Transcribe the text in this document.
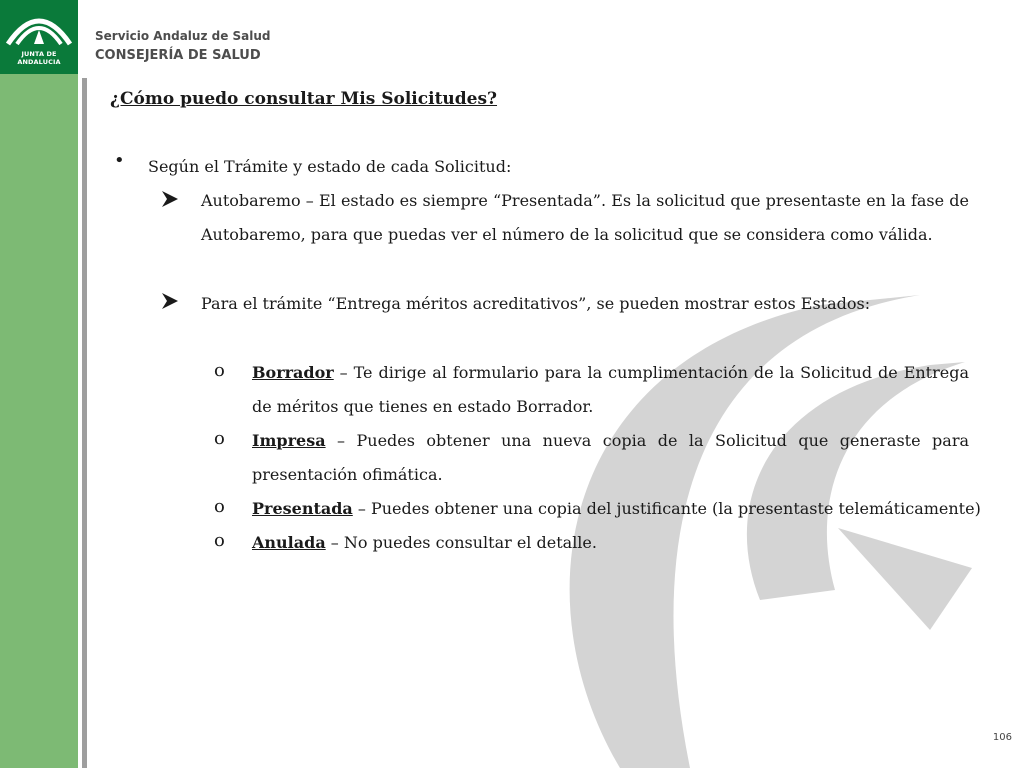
JUNTA DE ANDALUCIA
Servicio Andaluz de Salud
CONSEJERÍA DE SALUD
¿Cómo puedo consultar Mis Solicitudes?
• Según el Trámite y estado de cada Solicitud:
Autobaremo – El estado es siempre “Presentada”. Es la solicitud que presentaste en la fase de Autobaremo, para que puedas ver el número de la solicitud que se considera como válida.
Para el trámite “Entrega méritos acreditativos”, se pueden mostrar estos Estados:
o Borrador – Te dirige al formulario para la cumplimentación de la Solicitud de Entrega de méritos que tienes en estado Borrador.
o Impresa – Puedes obtener una nueva copia de la Solicitud que generaste para presentación ofimática.
o Presentada – Puedes obtener una copia del justificante (la presentaste telemáticamente)
o Anulada – No puedes consultar el detalle.
106
